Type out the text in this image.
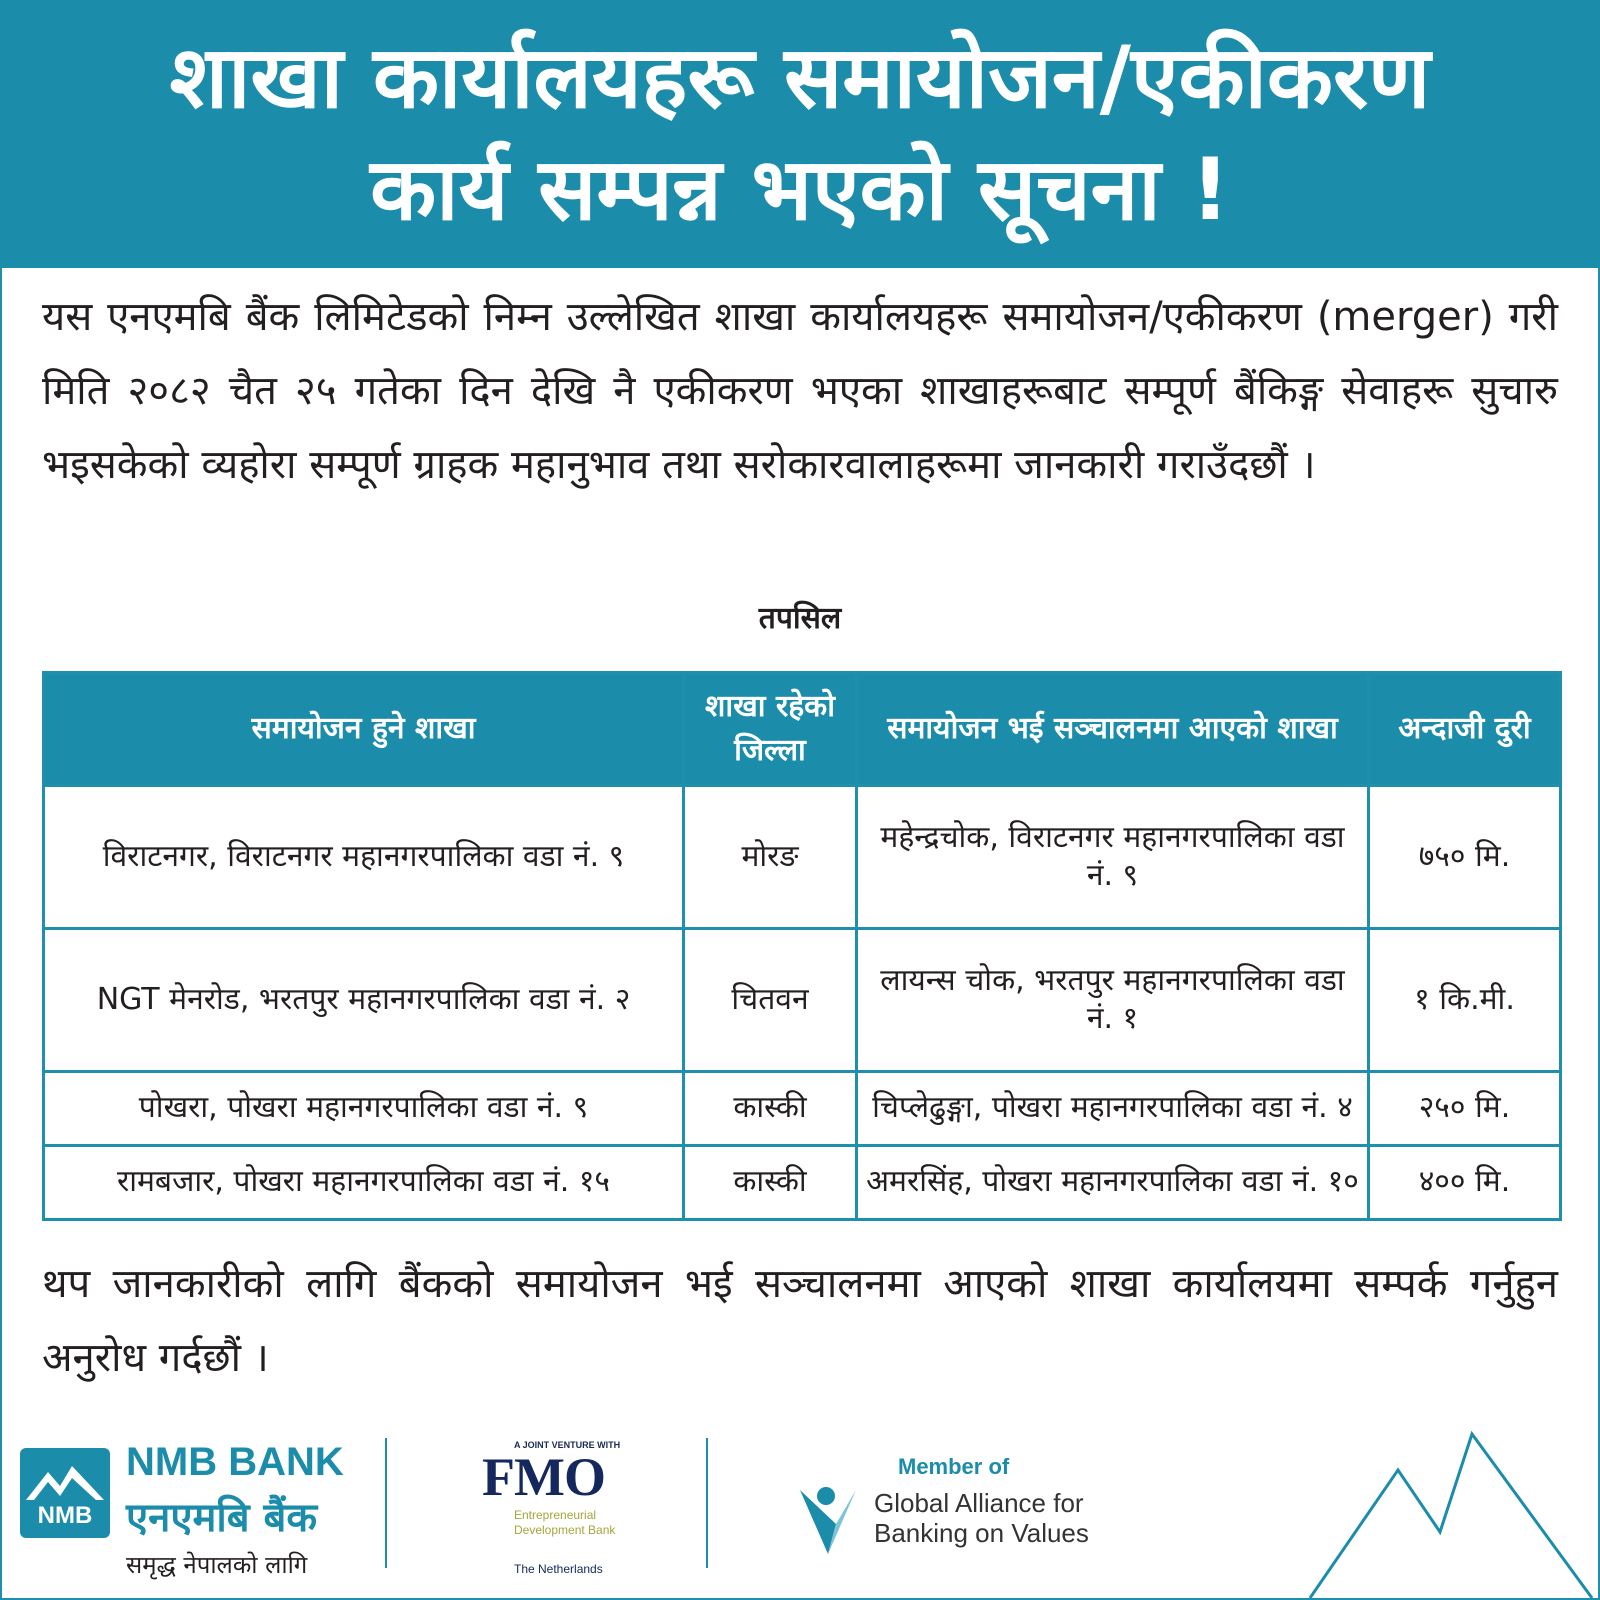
शाखा कार्यालयहरू समायोजन/एकीकरण
कार्य सम्पन्न भएको सूचना !
यस एनएमबि बैंक लिमिटेडको निम्न उल्लेखित शाखा कार्यालयहरू समायोजन/एकीकरण (merger) गरी मिति २०८२ चैत २५ गतेका दिन देखि नै एकीकरण भएका शाखाहरूबाट सम्पूर्ण बैंकिङ्ग सेवाहरू सुचारु भइसकेको व्यहोरा सम्पूर्ण ग्राहक महानुभाव तथा सरोकारवालाहरूमा जानकारी गराउँदछौं ।
तपसिल
समायोजन हुने शाखा	शाखा रहेको जिल्ला	समायोजन भई सञ्चालनमा आएको शाखा	अन्दाजी दुरी
विराटनगर, विराटनगर महानगरपालिका वडा नं. ९	मोरङ	महेन्द्रचोक, विराटनगर महानगरपालिका वडा नं. ९	७५० मि.
NGT मेनरोड, भरतपुर महानगरपालिका वडा नं. २	चितवन	लायन्स चोक, भरतपुर महानगरपालिका वडा नं. १	१ कि.मी.
पोखरा, पोखरा महानगरपालिका वडा नं. ९	कास्की	चिप्लेढुङ्गा, पोखरा महानगरपालिका वडा नं. ४	२५० मि.
रामबजार, पोखरा महानगरपालिका वडा नं. १५	कास्की	अमरसिंह, पोखरा महानगरपालिका वडा नं. १०	४०० मि.
थप जानकारीको लागि बैंकको समायोजन भई सञ्चालनमा आएको शाखा कार्यालयमा सम्पर्क गर्नुहुन अनुरोध गर्दछौं ।
NMB
NMB BANK
एनएमबि बैंक
समृद्ध नेपालको लागि
A JOINT VENTURE WITH
FMO
Entrepreneurial Development Bank
The Netherlands
Member of
Global Alliance for
Banking on Values
